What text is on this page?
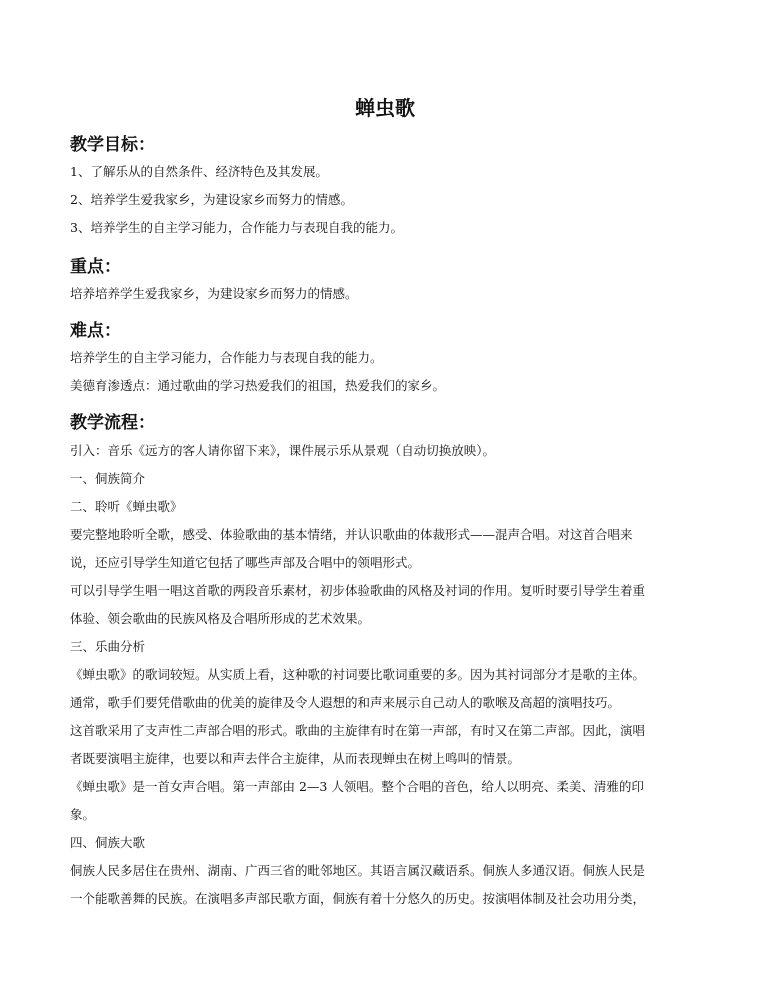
蝉虫歌
教学目标：
1、了解乐从的自然条件、经济特色及其发展。
2、培养学生爱我家乡，为建设家乡而努力的情感。
3、培养学生的自主学习能力，合作能力与表现自我的能力。
重点：
培养培养学生爱我家乡，为建设家乡而努力的情感。
难点：
培养学生的自主学习能力，合作能力与表现自我的能力。
美德育渗透点：通过歌曲的学习热爱我们的祖国，热爱我们的家乡。
教学流程：
引入：音乐《远方的客人请你留下来》，课件展示乐从景观（自动切换放映）。
一、侗族简介
二、聆听《蝉虫歌》
要完整地聆听全歌，感受、体验歌曲的基本情绪，并认识歌曲的体裁形式——混声合唱。对这首合唱来
说，还应引导学生知道它包括了哪些声部及合唱中的领唱形式。
可以引导学生唱一唱这首歌的两段音乐素材，初步体验歌曲的风格及衬词的作用。复听时要引导学生着重
体验、领会歌曲的民族风格及合唱所形成的艺术效果。
三、乐曲分析
《蝉虫歌》的歌词较短。从实质上看，这种歌的衬词要比歌词重要的多。因为其衬词部分才是歌的主体。
通常，歌手们要凭借歌曲的优美的旋律及令人遐想的和声来展示自己动人的歌喉及高超的演唱技巧。
这首歌采用了支声性二声部合唱的形式。歌曲的主旋律有时在第一声部，有时又在第二声部。因此，演唱
者既要演唱主旋律，也要以和声去伴合主旋律，从而表现蝉虫在树上鸣叫的情景。
《蝉虫歌》是一首女声合唱。第一声部由 2—3 人领唱。整个合唱的音色，给人以明亮、柔美、清雅的印
象。
四、侗族大歌
侗族人民多居住在贵州、湖南、广西三省的毗邻地区。其语言属汉藏语系。侗族人多通汉语。侗族人民是
一个能歌善舞的民族。在演唱多声部民歌方面，侗族有着十分悠久的历史。按演唱体制及社会功用分类，
